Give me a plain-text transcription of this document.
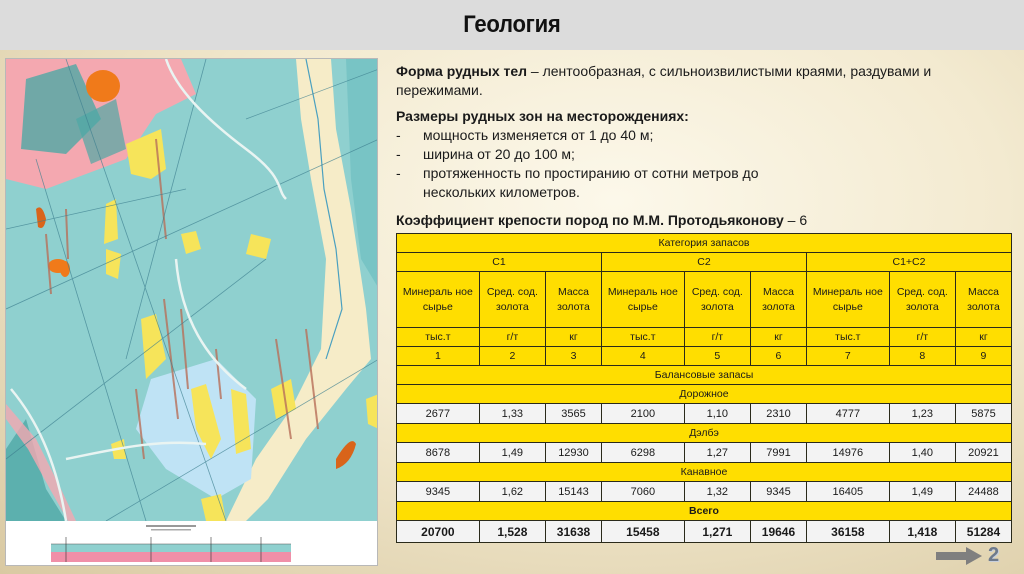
Геология

Форма рудных тел – лентообразная, с сильноизвилистыми краями, раздувами и пережимами.

Размеры рудных зон на месторождениях:
-	мощность изменяется от 1 до 40 м;
-	ширина от 20 до 100 м;
-	протяженность по простиранию от сотни метров до нескольких километров.

Коэффициент крепости пород по М.М. Протодьяконову – 6

Категория запасов								
С1			С2			С1+С2		
Минераль ное сырье	Сред. сод. золота	Масса золота	Минераль ное сырье	Сред. сод. золота	Масса золота	Минераль ное сырье	Сред. сод. золота	Масса золота
тыс.т	г/т	кг	тыс.т	г/т	кг	тыс.т	г/т	кг
1	2	3	4	5	6	7	8	9
Балансовые запасы								
Дорожное								
2677	1,33	3565	2100	1,10	2310	4777	1,23	5875
Дэлбэ								
8678	1,49	12930	6298	1,27	7991	14976	1,40	20921
Канавное								
9345	1,62	15143	7060	1,32	9345	16405	1,49	24488
Всего								
20700	1,528	31638	15458	1,271	19646	36158	1,418	51284
2
